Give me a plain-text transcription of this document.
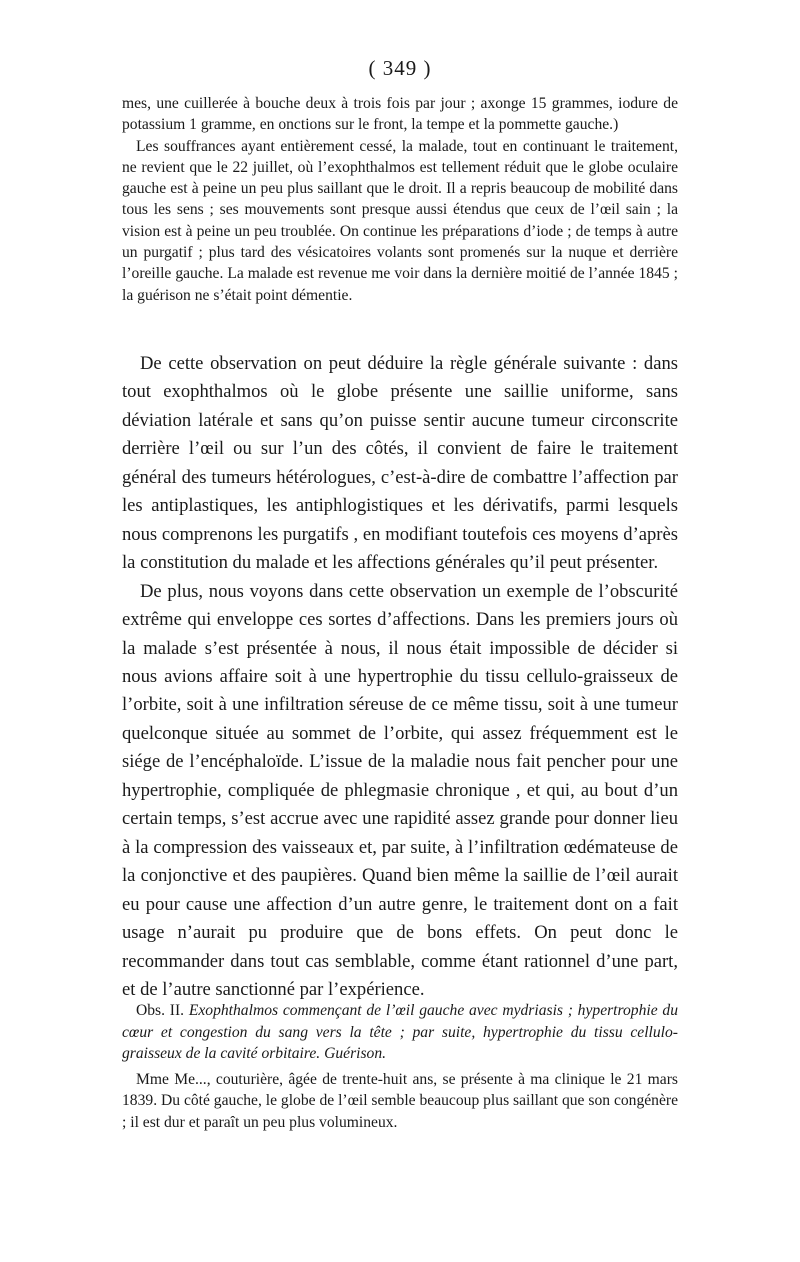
( 349 )

mes, une cuillerée à bouche deux à trois fois par jour ; axonge 15 grammes, iodure de potassium 1 gramme, en onctions sur le front, la tempe et la pommette gauche.)

Les souffrances ayant entièrement cessé, la malade, tout en continuant le traitement, ne revient que le 22 juillet, où l’exophthalmos est tellement réduit que le globe oculaire gauche est à peine un peu plus saillant que le droit. Il a repris beaucoup de mobilité dans tous les sens ; ses mouvements sont presque aussi étendus que ceux de l’œil sain ; la vision est à peine un peu troublée. On continue les préparations d’iode ; de temps à autre un purgatif ; plus tard des vésicatoires volants sont promenés sur la nuque et derrière l’oreille gauche. La malade est revenue me voir dans la dernière moitié de l’année 1845 ; la guérison ne s’était point démentie.

De cette observation on peut déduire la règle générale suivante : dans tout exophthalmos où le globe présente une saillie uniforme, sans déviation latérale et sans qu’on puisse sentir aucune tumeur circonscrite derrière l’œil ou sur l’un des côtés, il convient de faire le traitement général des tumeurs hétérologues, c’est-à-dire de combattre l’affection par les antiplastiques, les antiphlogistiques et les dérivatifs, parmi lesquels nous comprenons les purgatifs , en modifiant toutefois ces moyens d’après la constitution du malade et les affections générales qu’il peut présenter.

De plus, nous voyons dans cette observation un exemple de l’obscurité extrême qui enveloppe ces sortes d’affections. Dans les premiers jours où la malade s’est présentée à nous, il nous était impossible de décider si nous avions affaire soit à une hypertrophie du tissu cellulo-graisseux de l’orbite, soit à une infiltration séreuse de ce même tissu, soit à une tumeur quelconque située au sommet de l’orbite, qui assez fréquemment est le siége de l’encéphaloïde. L’issue de la maladie nous fait pencher pour une hypertrophie, compliquée de phlegmasie chronique , et qui, au bout d’un certain temps, s’est accrue avec une rapidité assez grande pour donner lieu à la compression des vaisseaux et, par suite, à l’infiltration œdémateuse de la conjonctive et des paupières. Quand bien même la saillie de l’œil aurait eu pour cause une affection d’un autre genre, le traitement dont on a fait usage n’aurait pu produire que de bons effets. On peut donc le recommander dans tout cas semblable, comme étant rationnel d’une part, et de l’autre sanctionné par l’expérience.

Obs. II. Exophthalmos commençant de l’œil gauche avec mydriasis ; hypertrophie du cœur et congestion du sang vers la tête ; par suite, hypertrophie du tissu cellulo-graisseux de la cavité orbitaire. Guérison.

Mme Me..., couturière, âgée de trente-huit ans, se présente à ma clinique le 21 mars 1839. Du côté gauche, le globe de l’œil semble beaucoup plus saillant que son congénère ; il est dur et paraît un peu plus volumineux.
